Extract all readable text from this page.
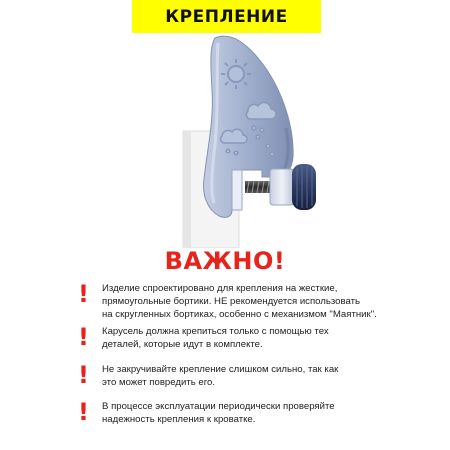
КРЕПЛЕНИЕ
ВАЖНО!
! Изделие спроектировано для крепления на жесткие,
прямоугольные бортики. НЕ рекомендуется использовать
на скругленных бортиках, особенно с механизмом "Маятник".
! Карусель должна крепиться только с помощью тех
деталей, которые идут в комплекте.
! Не закручивайте крепление слишком сильно, так как
это может повредить его.
! В процессе эксплуатации периодически проверяйте
надежность крепления к кроватке.
